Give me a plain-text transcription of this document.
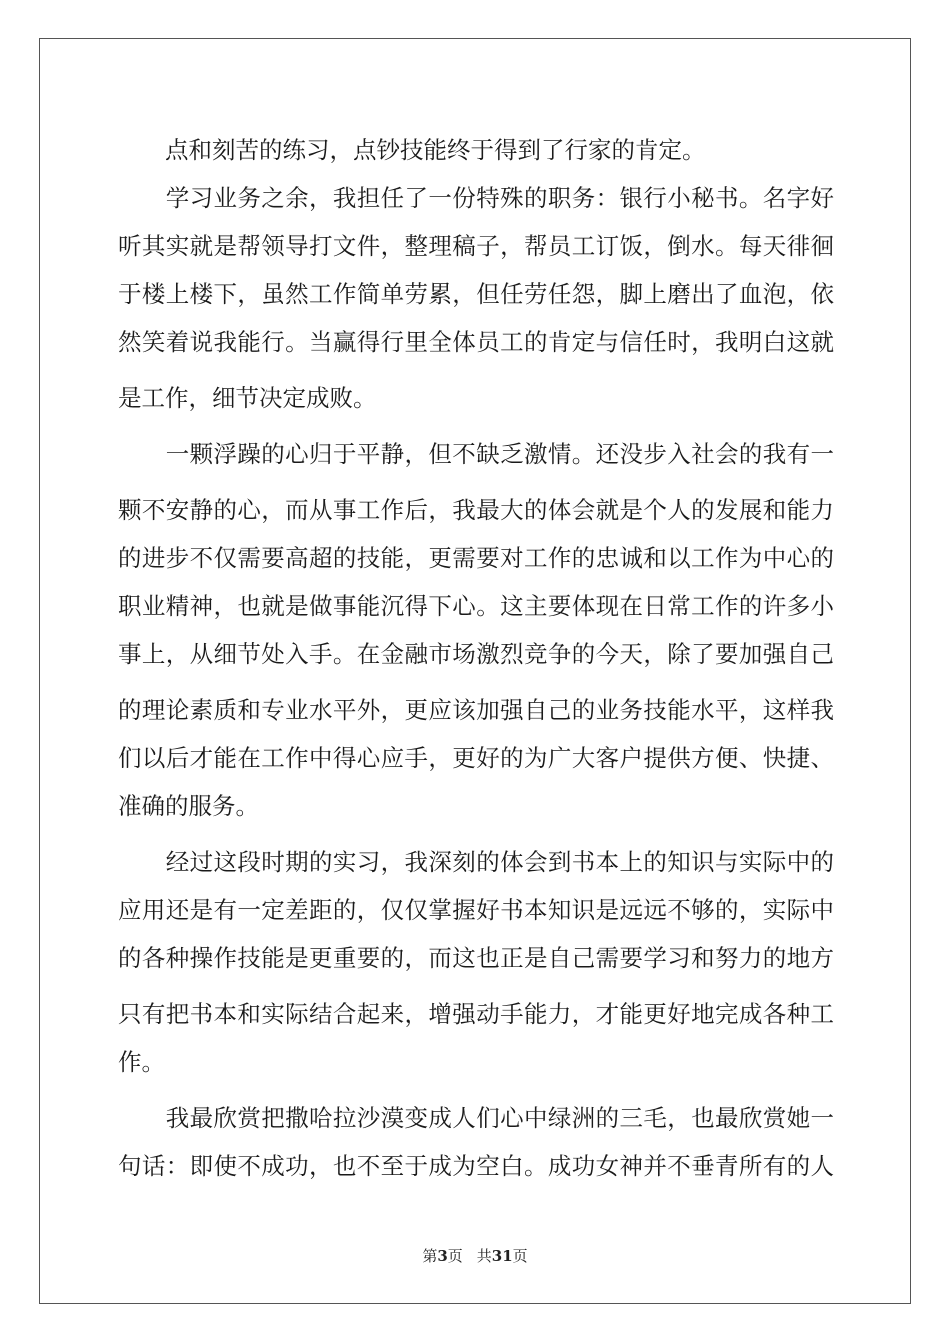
　　点和刻苦的练习，点钞技能终于得到了行家的肯定。
　　学习业务之余，我担任了一份特殊的职务：银行小秘书。名字好
听其实就是帮领导打文件，整理稿子，帮员工订饭，倒水。每天徘徊
于楼上楼下，虽然工作简单劳累，但任劳任怨，脚上磨出了血泡，依
然笑着说我能行。当赢得行里全体员工的肯定与信任时，我明白这就
是工作，细节决定成败。
　　一颗浮躁的心归于平静，但不缺乏激情。还没步入社会的我有一
颗不安静的心，而从事工作后，我最大的体会就是个人的发展和能力
的进步不仅需要高超的技能，更需要对工作的忠诚和以工作为中心的
职业精神，也就是做事能沉得下心。这主要体现在日常工作的许多小
事上，从细节处入手。在金融市场激烈竞争的今天，除了要加强自己
的理论素质和专业水平外，更应该加强自己的业务技能水平，这样我
们以后才能在工作中得心应手，更好的为广大客户提供方便、快捷、
准确的服务。
　　经过这段时期的实习，我深刻的体会到书本上的知识与实际中的
应用还是有一定差距的，仅仅掌握好书本知识是远远不够的，实际中
的各种操作技能是更重要的，而这也正是自己需要学习和努力的地方
只有把书本和实际结合起来，增强动手能力，才能更好地完成各种工
作。
　　我最欣赏把撒哈拉沙漠变成人们心中绿洲的三毛，也最欣赏她一
句话：即使不成功，也不至于成为空白。成功女神并不垂青所有的人
第3页 共31页
